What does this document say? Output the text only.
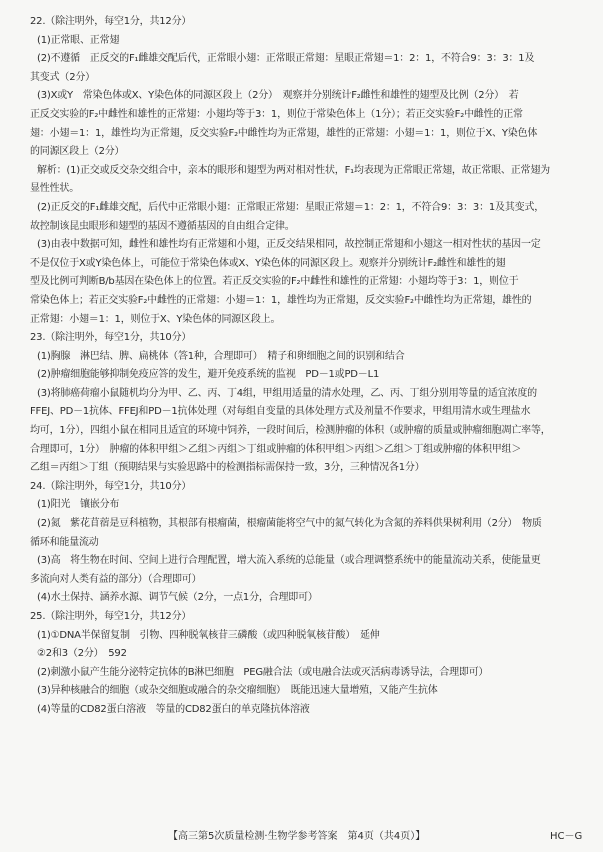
22.（除注明外，每空1分，共12分）
(1)正常眼、正常翅
(2)不遵循　正反交的F₁雌雄交配后代，正常眼小翅：正常眼正常翅：星眼正常翅＝1：2：1，不符合9：3：3：1及
其变式（2分）
(3)X或Y　常染色体或X、Y染色体的同源区段上（2分）　观察并分别统计F₂雌性和雄性的翅型及比例（2分）　若
正反交实验的F₂中雌性和雄性的正常翅：小翅均等于3：1，则位于常染色体上（1分）；若正交实验F₂中雌性的正常
翅：小翅＝1：1，雄性均为正常翅，反交实验F₂中雌性均为正常翅，雄性的正常翅：小翅＝1：1，则位于X、Y染色体
的同源区段上（2分）
解析：(1)正交或反交杂交组合中，亲本的眼形和翅型为两对相对性状，F₁均表现为正常眼正常翅，故正常眼、正常翅为
显性性状。
(2)正反交的F₁雌雄交配，后代中正常眼小翅：正常眼正常翅：星眼正常翅＝1：2：1，不符合9：3：3：1及其变式，
故控制该昆虫眼形和翅型的基因不遵循基因的自由组合定律。
(3)由表中数据可知，雌性和雄性均有正常翅和小翅，正反交结果相同，故控制正常翅和小翅这一相对性状的基因一定
不是仅位于X或Y染色体上，可能位于常染色体或X、Y染色体的同源区段上。观察并分别统计F₂雌性和雄性的翅
型及比例可判断B/b基因在染色体上的位置。若正反交实验的F₂中雌性和雄性的正常翅：小翅均等于3：1，则位于
常染色体上；若正交实验F₂中雌性的正常翅：小翅＝1：1，雄性均为正常翅，反交实验F₂中雌性均为正常翅，雄性的
正常翅：小翅＝1：1，则位于X、Y染色体的同源区段上。
23.（除注明外，每空1分，共10分）
(1)胸腺　淋巴结、脾、扁桃体（答1种，合理即可）　精子和卵细胞之间的识别和结合
(2)肿瘤细胞能够抑制免疫应答的发生，避开免疫系统的监视　PD－1或PD－L1
(3)将肺癌荷瘤小鼠随机均分为甲、乙、丙、丁4组，甲组用适量的清水处理，乙、丙、丁组分别用等量的适宜浓度的
FFEJ、PD－1抗体、FFEJ和PD－1抗体处理（对每组自变量的具体处理方式及剂量不作要求，甲组用清水或生理盐水
均可，1分），四组小鼠在相同且适宜的环境中饲养，一段时间后，检测肿瘤的体积（或肿瘤的质量或肿瘤细胞凋亡率等，
合理即可，1分）　肿瘤的体积甲组＞乙组＞丙组＞丁组或肿瘤的体积甲组＞丙组＞乙组＞丁组或肿瘤的体积甲组＞
乙组＝丙组＞丁组（预期结果与实验思路中的检测指标需保持一致，3分，三种情况各1分）
24.（除注明外，每空1分，共10分）
(1)阳光　镶嵌分布
(2)氮　紫花苜蓿是豆科植物，其根部有根瘤菌，根瘤菌能将空气中的氮气转化为含氮的养料供果树利用（2分）　物质
循环和能量流动
(3)高　将生物在时间、空间上进行合理配置，增大流入系统的总能量（或合理调整系统中的能量流动关系，使能量更
多流向对人类有益的部分）（合理即可）
(4)水土保持、涵养水源、调节气候（2分，一点1分，合理即可）
25.（除注明外，每空1分，共12分）
(1)①DNA半保留复制　引物、四种脱氧核苷三磷酸（或四种脱氧核苷酸）　延伸
②2和3（2分）　592
(2)刺激小鼠产生能分泌特定抗体的B淋巴细胞　PEG融合法（或电融合法或灭活病毒诱导法，合理即可）
(3)异种核融合的细胞（或杂交细胞或融合的杂交瘤细胞）　既能迅速大量增殖，又能产生抗体
(4)等量的CD82蛋白溶液　等量的CD82蛋白的单克隆抗体溶液
【高三第5次质量检测·生物学参考答案　第4页（共4页）】	HC－G
